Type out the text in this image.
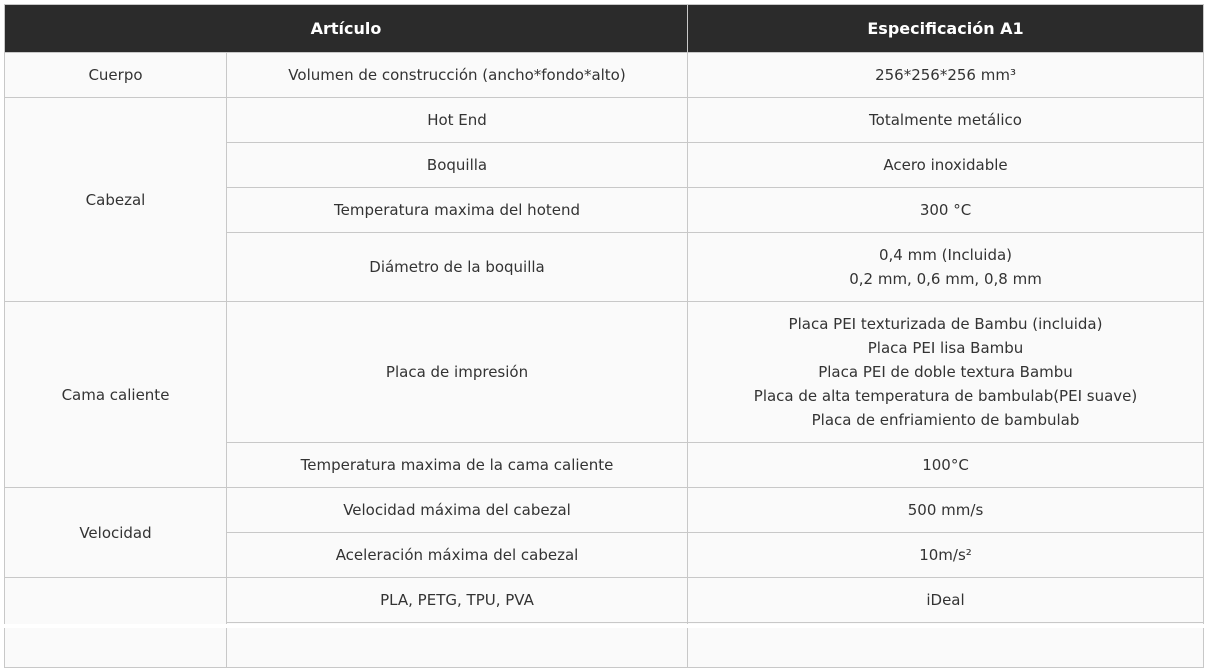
Artículo		Especificación A1
Cuerpo	Volumen de construcción (ancho*fondo*alto)	256*256*256 mm³

Cabezal	Hot End	Totalmente metálico

	Boquilla	Acero inoxidable

	Temperatura maxima del hotend	300 °C

	Diámetro de la boquilla	0,4 mm (Incluida)
0,2 mm, 0,6 mm, 0,8 mm

Cama caliente	Placa de impresión	Placa PEI texturizada de Bambu (incluida)
Placa PEI lisa Bambu
Placa PEI de doble textura Bambu
Placa de alta temperatura de bambulab(PEI suave)
Placa de enfriamiento de bambulab

	Temperatura maxima de la cama caliente	100°C

Velocidad	Velocidad máxima del cabezal	500 mm/s

	Aceleración máxima del cabezal	10m/s²

	PLA, PETG, TPU, PVA	iDeal
